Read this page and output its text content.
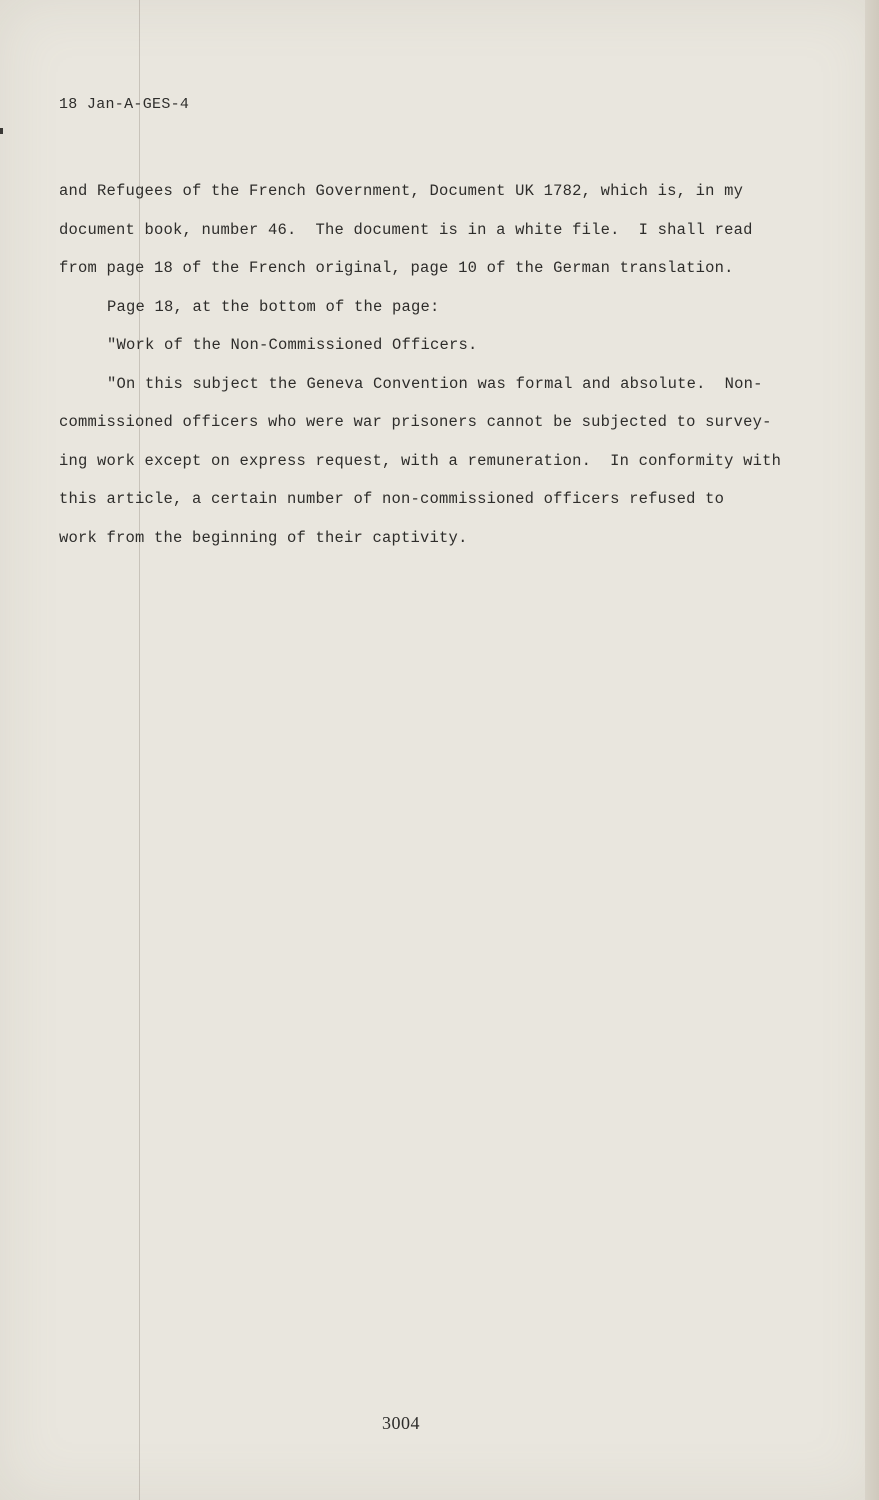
18 Jan-A-GES-4

and Refugees of the French Government, Document UK 1782, which is, in my

document book, number 46.  The document is in a white file.  I shall read

from page 18 of the French original, page 10 of the German translation.

Page 18, at the bottom of the page:

"Work of the Non-Commissioned Officers.

"On this subject the Geneva Convention was formal and absolute.  Non-

commissioned officers who were war prisoners cannot be subjected to survey-

ing work except on express request, with a remuneration.  In conformity with

this article, a certain number of non-commissioned officers refused to

work from the beginning of their captivity.

3004
